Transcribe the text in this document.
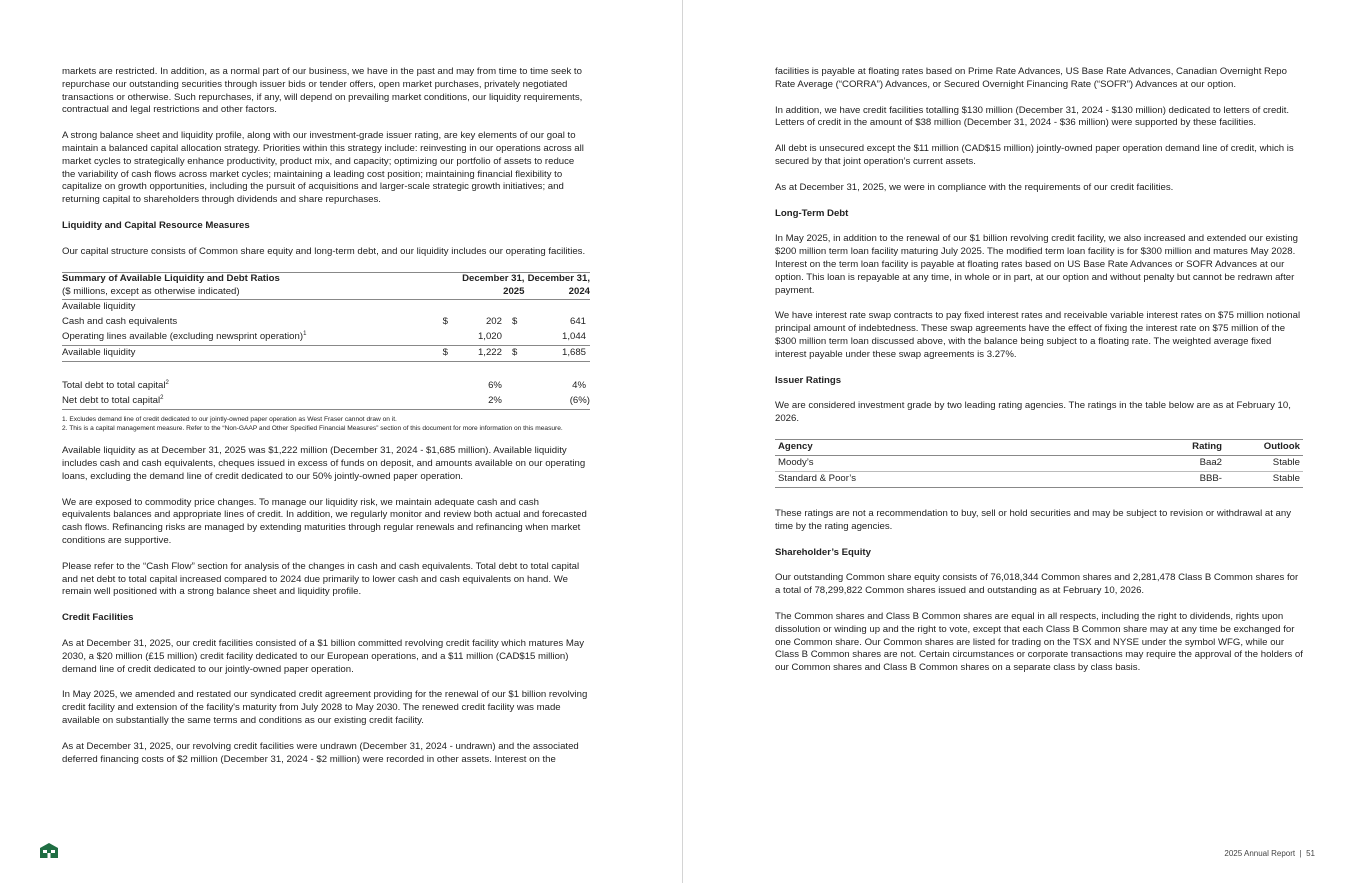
markets are restricted. In addition, as a normal part of our business, we have in the past and may from time to time seek to repurchase our outstanding securities through issuer bids or tender offers, open market purchases, privately negotiated transactions or otherwise. Such repurchases, if any, will depend on prevailing market conditions, our liquidity requirements, contractual and legal restrictions and other factors.

A strong balance sheet and liquidity profile, along with our investment-grade issuer rating, are key elements of our goal to maintain a balanced capital allocation strategy. Priorities within this strategy include: reinvesting in our operations across all market cycles to strategically enhance productivity, product mix, and capacity; optimizing our portfolio of assets to reduce the variability of cash flows across market cycles; maintaining a leading cost position; maintaining financial flexibility to capitalize on growth opportunities, including the pursuit of acquisitions and larger-scale strategic growth initiatives; and returning capital to shareholders through dividends and share repurchases.

Liquidity and Capital Resource Measures

Our capital structure consists of Common share equity and long-term debt, and our liquidity includes our operating facilities.

Summary of Available Liquidity and Debt Ratios		December 31,		December 31,
($ millions, except as otherwise indicated)		2025		2024
Available liquidity				
Cash and cash equivalents	$	202	$	641
Operating lines available (excluding newsprint operation)$^1$		1,020		1,044
Available liquidity	$	1,222	$	1,685

Total debt to total capital$^2$		6%		4%
Net debt to total capital$^2$		2%		(6%)
1. Excludes demand line of credit dedicated to our jointly-owned paper operation as West Fraser cannot draw on it.
2. This is a capital management measure. Refer to the “Non-GAAP and Other Specified Financial Measures” section of this document for more information on this measure.

Available liquidity as at December 31, 2025 was $1,222 million (December 31, 2024 - $1,685 million). Available liquidity includes cash and cash equivalents, cheques issued in excess of funds on deposit, and amounts available on our operating loans, excluding the demand line of credit dedicated to our 50% jointly-owned paper operation.

We are exposed to commodity price changes. To manage our liquidity risk, we maintain adequate cash and cash equivalents balances and appropriate lines of credit. In addition, we regularly monitor and review both actual and forecasted cash flows. Refinancing risks are managed by extending maturities through regular renewals and refinancing when market conditions are supportive.

Please refer to the “Cash Flow” section for analysis of the changes in cash and cash equivalents. Total debt to total capital and net debt to total capital increased compared to 2024 due primarily to lower cash and cash equivalents on hand. We remain well positioned with a strong balance sheet and liquidity profile.

Credit Facilities

As at December 31, 2025, our credit facilities consisted of a $1 billion committed revolving credit facility which matures May 2030, a $20 million (£15 million) credit facility dedicated to our European operations, and a $11 million (CAD$15 million) demand line of credit dedicated to our jointly-owned paper operation.

In May 2025, we amended and restated our syndicated credit agreement providing for the renewal of our $1 billion revolving credit facility and extension of the facility's maturity from July 2028 to May 2030. The renewed credit facility was made available on substantially the same terms and conditions as our existing credit facility.

As at December 31, 2025, our revolving credit facilities were undrawn (December 31, 2024 - undrawn) and the associated deferred financing costs of $2 million (December 31, 2024 - $2 million) were recorded in other assets. Interest on the

facilities is payable at floating rates based on Prime Rate Advances, US Base Rate Advances, Canadian Overnight Repo Rate Average (“CORRA”) Advances, or Secured Overnight Financing Rate (“SOFR”) Advances at our option.

In addition, we have credit facilities totalling $130 million (December 31, 2024 - $130 million) dedicated to letters of credit. Letters of credit in the amount of $38 million (December 31, 2024 - $36 million) were supported by these facilities.

All debt is unsecured except the $11 million (CAD$15 million) jointly-owned paper operation demand line of credit, which is secured by that joint operation’s current assets.

As at December 31, 2025, we were in compliance with the requirements of our credit facilities.

Long-Term Debt

In May 2025, in addition to the renewal of our $1 billion revolving credit facility, we also increased and extended our existing $200 million term loan facility maturing July 2025. The modified term loan facility is for $300 million and matures May 2028. Interest on the term loan facility is payable at floating rates based on US Base Rate Advances or SOFR Advances at our option. This loan is repayable at any time, in whole or in part, at our option and without penalty but cannot be redrawn after payment.

We have interest rate swap contracts to pay fixed interest rates and receivable variable interest rates on $75 million notional principal amount of indebtedness. These swap agreements have the effect of fixing the interest rate on $75 million of the $300 million term loan discussed above, with the balance being subject to a floating rate. The weighted average fixed interest payable under these swap agreements is 3.27%.

Issuer Ratings

We are considered investment grade by two leading rating agencies. The ratings in the table below are as at February 10, 2026.

Agency	Rating	Outlook
Moody’s	Baa2	Stable
Standard & Poor’s	BBB-	Stable

These ratings are not a recommendation to buy, sell or hold securities and may be subject to revision or withdrawal at any time by the rating agencies.

Shareholder’s Equity

Our outstanding Common share equity consists of 76,018,344 Common shares and 2,281,478 Class B Common shares for a total of 78,299,822 Common shares issued and outstanding as at February 10, 2026.

The Common shares and Class B Common shares are equal in all respects, including the right to dividends, rights upon dissolution or winding up and the right to vote, except that each Class B Common share may at any time be exchanged for one Common share. Our Common shares are listed for trading on the TSX and NYSE under the symbol WFG, while our Class B Common shares are not. Certain circumstances or corporate transactions may require the approval of the holders of our Common shares and Class B Common shares on a separate class by class basis.

2025 Annual Report  |  51
